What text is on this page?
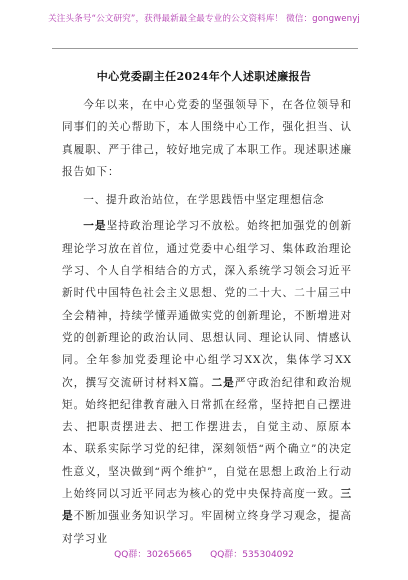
关注头条号“公文研究”，获得最新最全最专业的公文资料库！ 微信：gongwenyj
中心党委副主任2024年个人述职述廉报告

今年以来，在中心党委的坚强领导下，在各位领导和同事们的关心帮助下，本人围绕中心工作，强化担当、认真履职、严于律己，较好地完成了本职工作。现述职述廉报告如下：

一、提升政治站位，在学思践悟中坚定理想信念

一是坚持政治理论学习不放松。始终把加强党的创新理论学习放在首位，通过党委中心组学习、集体政治理论学习、个人自学相结合的方式，深入系统学习领会习近平新时代中国特色社会主义思想、党的二十大、二十届三中全会精神，持续学懂弄通做实党的创新理论，不断增进对党的创新理论的政治认同、思想认同、理论认同、情感认同。全年参加党委理论中心组学习XX次，集体学习XX次，撰写交流研讨材料X篇。二是严守政治纪律和政治规矩。始终把纪律教育融入日常抓在经常，坚持把自己摆进去、把职责摆进去、把工作摆进去，自觉主动、原原本本、联系实际学习党的纪律，深刻领悟“两个确立”的决定性意义，坚决做到“两个维护”，自觉在思想上政治上行动上始终同以习近平同志为核心的党中央保持高度一致。三是不断加强业务知识学习。牢固树立终身学习观念，提高对学习业

QQ群：30265665 QQ群：535304092
